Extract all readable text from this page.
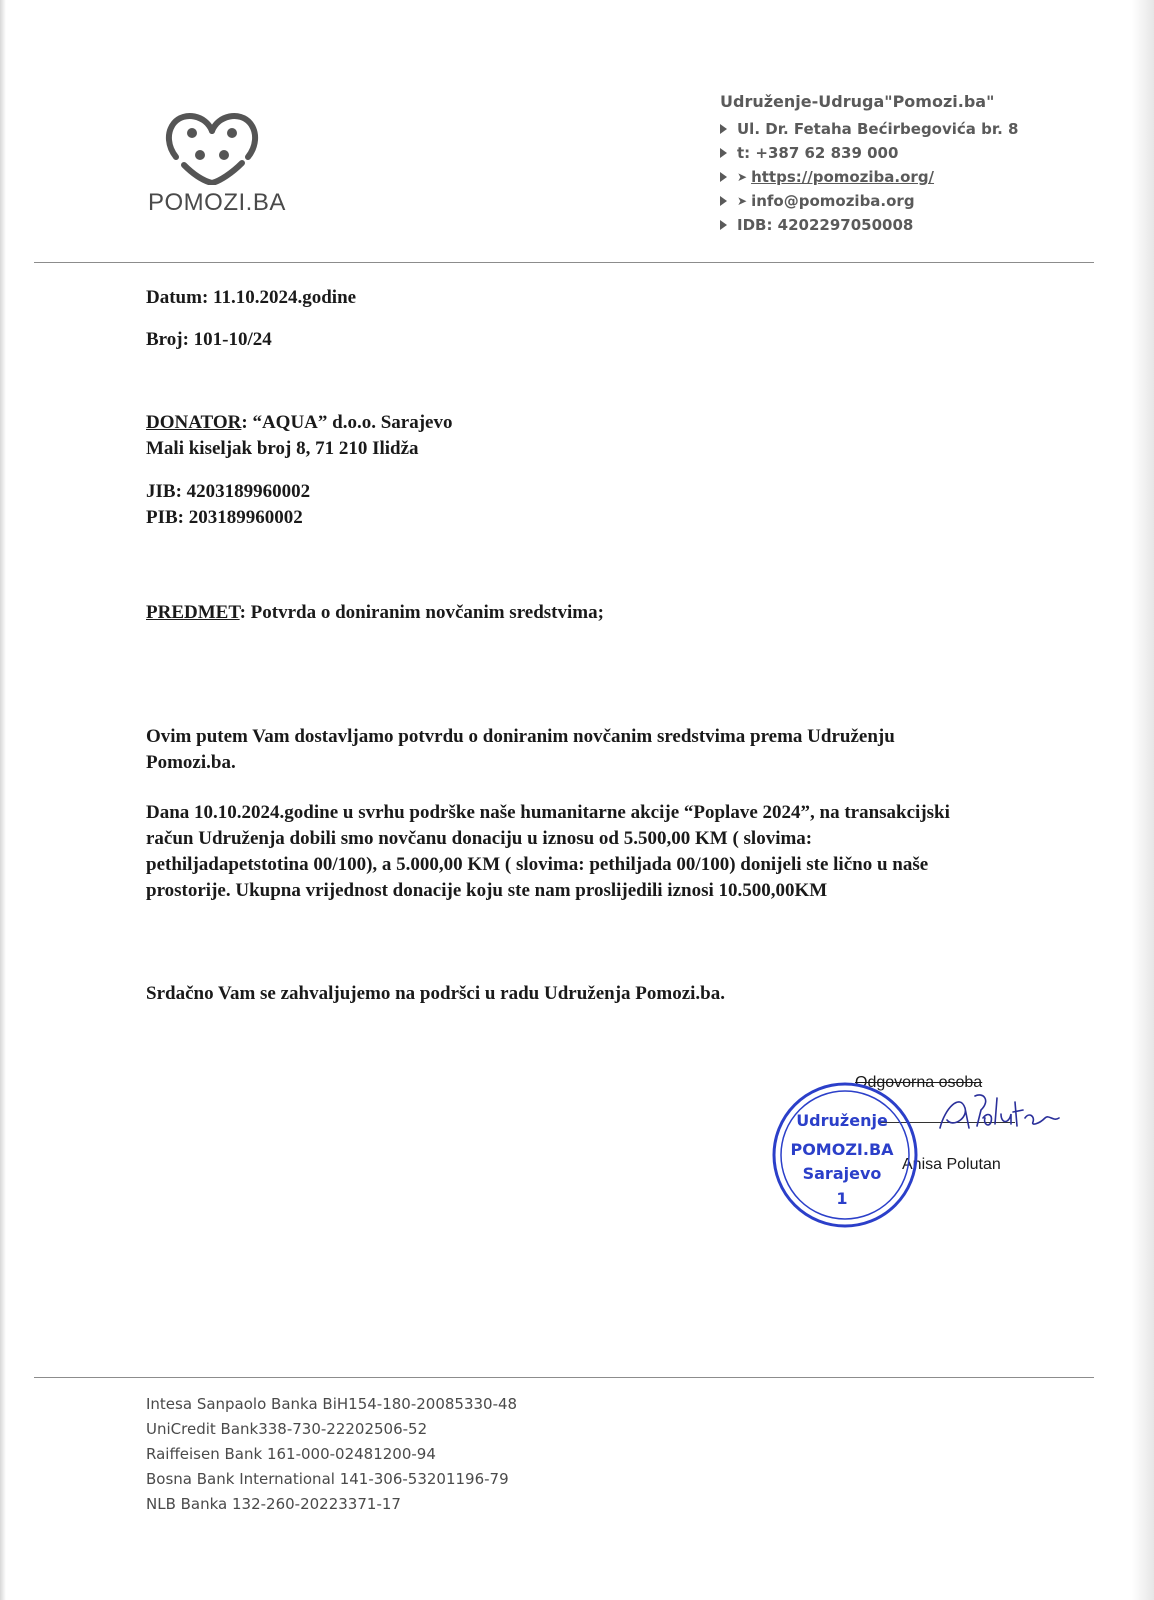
POMOZI.BA
Udruženje-Udruga"Pomozi.ba"
Ul. Dr. Fetaha Bećirbegovića br. 8
t: +387 62 839 000
➤ https://pomoziba.org/
➤ info@pomoziba.org
IDB: 4202297050008
Datum: 11.10.2024.godine
Broj: 101-10/24
DONATOR: “AQUA” d.o.o. Sarajevo
Mali kiseljak broj 8, 71 210 Ilidža
JIB: 4203189960002
PIB: 203189960002
PREDMET: Potvrda o doniranim novčanim sredstvima;
Ovim putem Vam dostavljamo potvrdu o doniranim novčanim sredstvima prema Udruženju Pomozi.ba.
Dana 10.10.2024.godine u svrhu podrške naše humanitarne akcije “Poplave 2024”, na transakcijski račun Udruženja dobili smo novčanu donaciju u iznosu od 5.500,00 KM ( slovima: pethiljadapetstotina 00/100), a 5.000,00 KM ( slovima: pethiljada 00/100) donijeli ste lično u naše prostorije. Ukupna vrijednost donacije koju ste nam proslijedili iznosi 10.500,00KM
Srdačno Vam se zahvaljujemo na podršci u radu Udruženja Pomozi.ba.
Odgovorna osoba
Anisa Polutan
Udruženje
POMOZI.BA
Sarajevo
1
Intesa Sanpaolo Banka BiH154-180-20085330-48
UniCredit Bank338-730-22202506-52
Raiffeisen Bank 161-000-02481200-94
Bosna Bank International 141-306-53201196-79
NLB Banka 132-260-20223371-17
